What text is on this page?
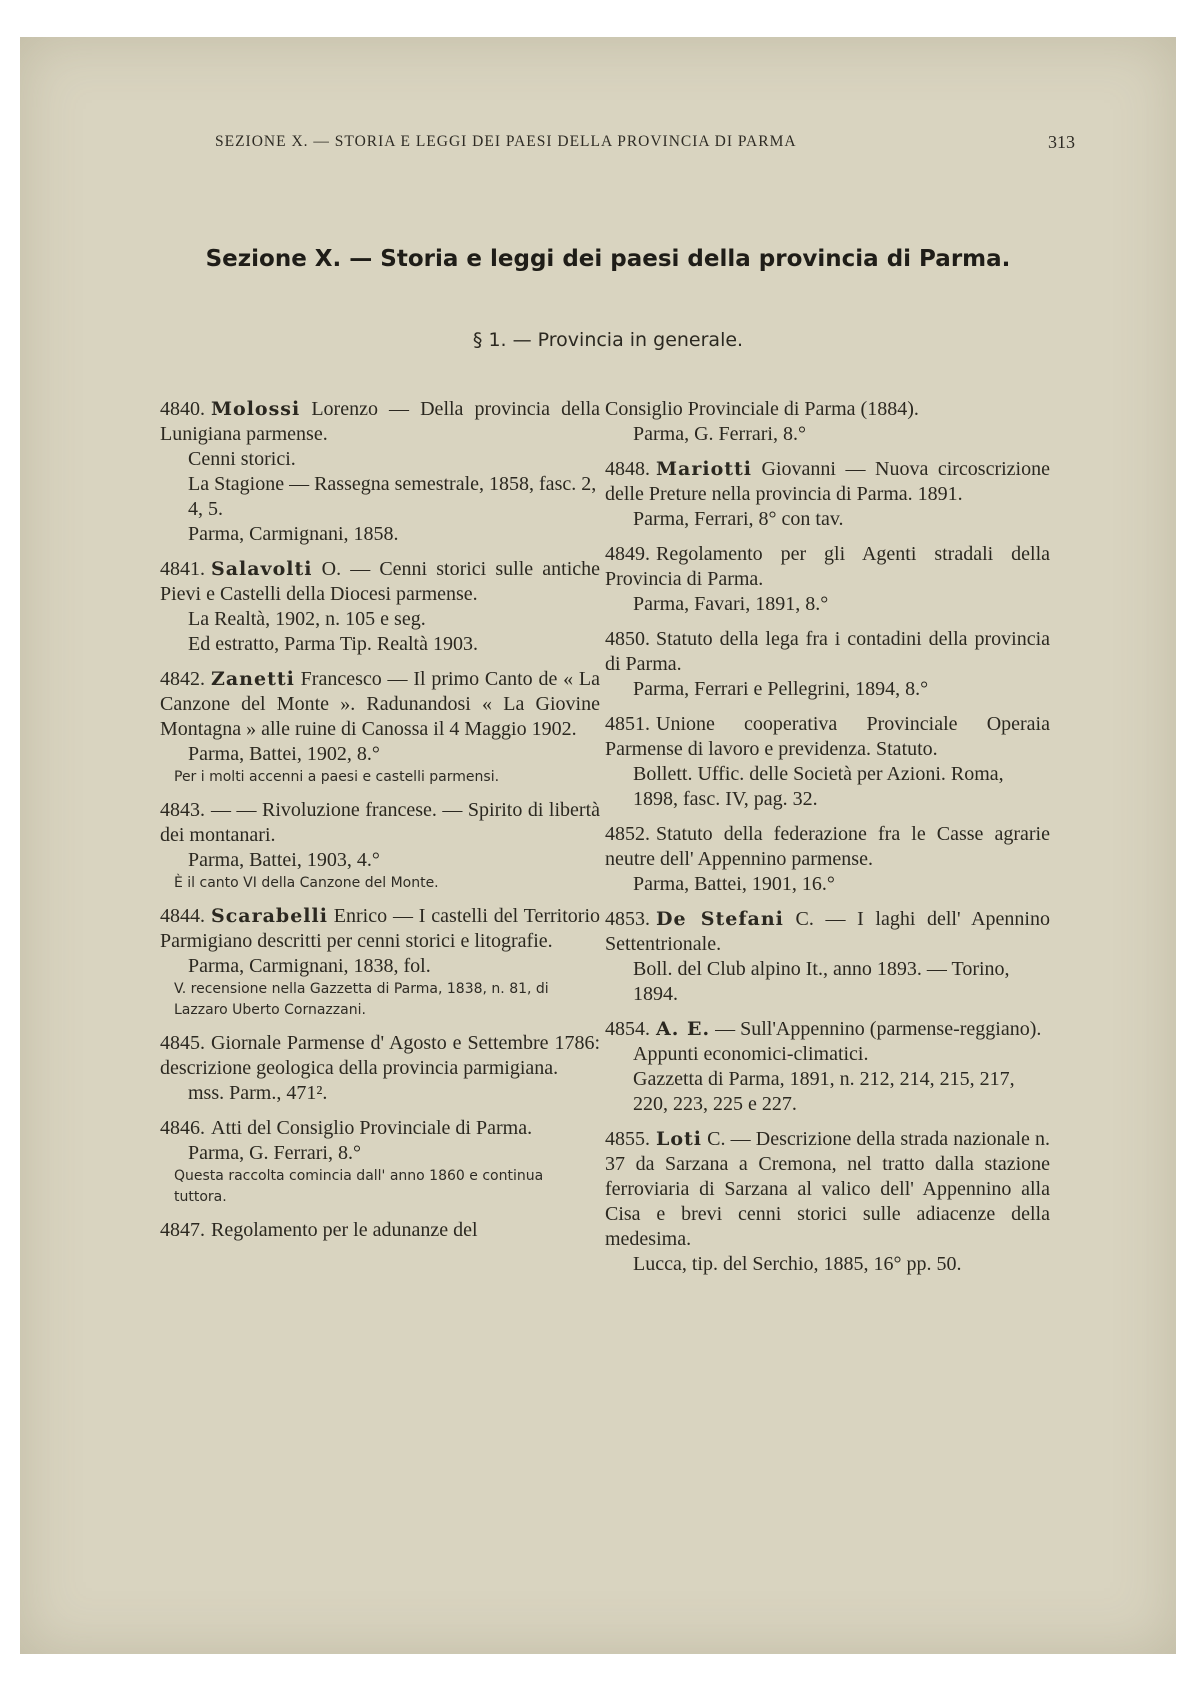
SEZIONE X. — STORIA E LEGGI DEI PAESI DELLA PROVINCIA DI PARMA	313
Sezione X. — Storia e leggi dei paesi della provincia di Parma.
§ 1. — Provincia in generale.

4840. Molossi Lorenzo — Della provincia della Lunigiana parmense.

Cenni storici.

La Stagione — Rassegna semestrale, 1858, fasc. 2, 4, 5.

Parma, Carmignani, 1858.

4841. Salavolti O. — Cenni storici sulle antiche Pievi e Castelli della Diocesi parmense.

La Realtà, 1902, n. 105 e seg.

Ed estratto, Parma Tip. Realtà 1903.

4842. Zanetti Francesco — Il primo Canto de « La Canzone del Monte ». Radunandosi « La Giovine Montagna » alle ruine di Canossa il 4 Maggio 1902.

Parma, Battei, 1902, 8.°

Per i molti accenni a paesi e castelli parmensi.

4843. — — Rivoluzione francese. — Spirito di libertà dei montanari.

Parma, Battei, 1903, 4.°

È il canto VI della Canzone del Monte.

4844. Scarabelli Enrico — I castelli del Territorio Parmigiano descritti per cenni storici e litografie.

Parma, Carmignani, 1838, fol.

V. recensione nella Gazzetta di Parma, 1838, n. 81, di Lazzaro Uberto Cornazzani.

4845. Giornale Parmense d' Agosto e Settembre 1786: descrizione geologica della provincia parmigiana.

mss. Parm., 471².

4846. Atti del Consiglio Provinciale di Parma.

Parma, G. Ferrari, 8.°

Questa raccolta comincia dall' anno 1860 e continua tuttora.

4847. Regolamento per le adunanze del

Consiglio Provinciale di Parma (1884).

Parma, G. Ferrari, 8.°

4848. Mariotti Giovanni — Nuova circoscrizione delle Preture nella provincia di Parma. 1891.

Parma, Ferrari, 8° con tav.

4849. Regolamento per gli Agenti stradali della Provincia di Parma.

Parma, Favari, 1891, 8.°

4850. Statuto della lega fra i contadini della provincia di Parma.

Parma, Ferrari e Pellegrini, 1894, 8.°

4851. Unione cooperativa Provinciale Operaia Parmense di lavoro e previdenza. Statuto.

Bollett. Uffic. delle Società per Azioni. Roma, 1898, fasc. IV, pag. 32.

4852. Statuto della federazione fra le Casse agrarie neutre dell' Appennino parmense.

Parma, Battei, 1901, 16.°

4853. De Stefani C. — I laghi dell' Apennino Settentrionale.

Boll. del Club alpino It., anno 1893. — Torino, 1894.

4854. A. E. — Sull'Appennino (parmense-reggiano).

Appunti economici-climatici.

Gazzetta di Parma, 1891, n. 212, 214, 215, 217, 220, 223, 225 e 227.

4855. Loti C. — Descrizione della strada nazionale n. 37 da Sarzana a Cremona, nel tratto dalla stazione ferroviaria di Sarzana al valico dell' Appennino alla Cisa e brevi cenni storici sulle adiacenze della medesima.

Lucca, tip. del Serchio, 1885, 16° pp. 50.
